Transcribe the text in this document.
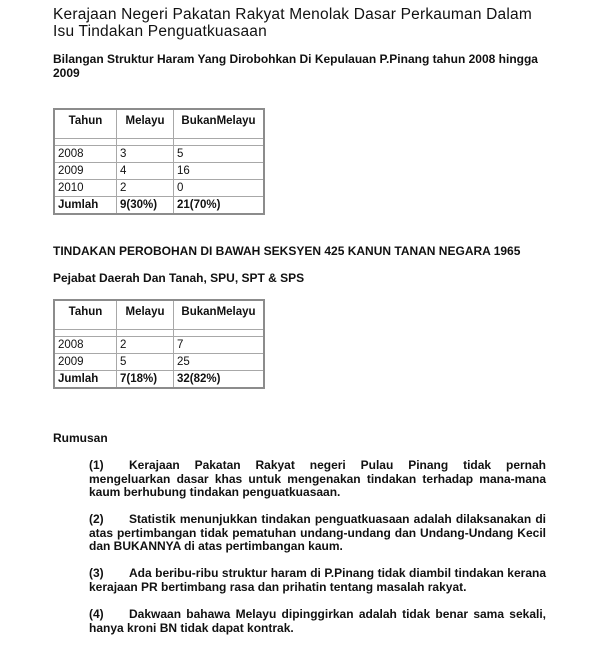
Kerajaan Negeri Pakatan Rakyat Menolak Dasar Perkauman Dalam Isu Tindakan Penguatkuasaan
Bilangan Struktur Haram Yang Dirobohkan Di Kepulauan P.Pinang tahun 2008 hingga 2009
Tahun	Melayu	BukanMelayu

2008	3	5
2009	4	16
2010	2	0
Jumlah	9(30%)	21(70%)
TINDAKAN PEROBOHAN DI BAWAH SEKSYEN 425 KANUN TANAN NEGARA 1965
Pejabat Daerah Dan Tanah, SPU, SPT & SPS
Tahun	Melayu	BukanMelayu

2008	2	7
2009	5	25
Jumlah	7(18%)	32(82%)
Rumusan
(1) Kerajaan Pakatan Rakyat negeri Pulau Pinang tidak pernah mengeluarkan dasar khas untuk mengenakan tindakan terhadap mana-mana kaum berhubung tindakan penguatkuasaan.
(2) Statistik menunjukkan tindakan penguatkuasaan adalah dilaksanakan di atas pertimbangan tidak pematuhan undang-undang dan Undang-Undang Kecil dan BUKANNYA di atas pertimbangan kaum.
(3) Ada beribu-ribu struktur haram di P.Pinang tidak diambil tindakan kerana kerajaan PR bertimbang rasa dan prihatin tentang masalah rakyat.
(4) Dakwaan bahawa Melayu dipinggirkan adalah tidak benar sama sekali, hanya kroni BN tidak dapat kontrak.
